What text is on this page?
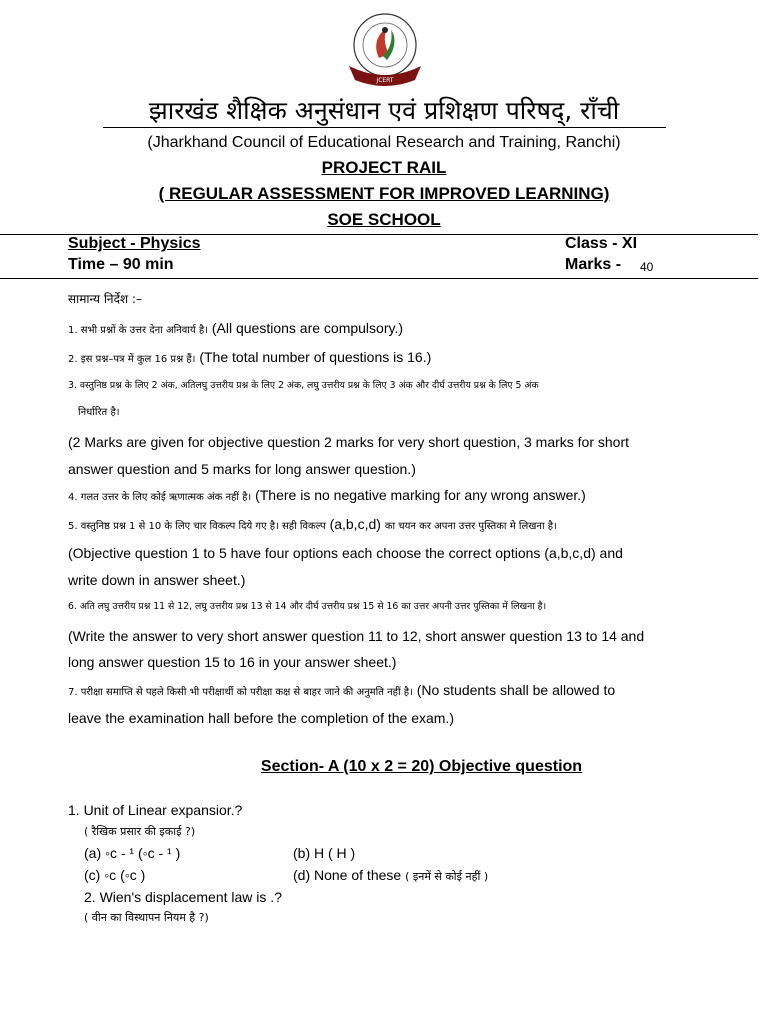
JCERT
झारखंड शैक्षिक अनुसंधान एवं प्रशिक्षण परिषद्, राँची
(Jharkhand Council of Educational Research and Training, Ranchi)
PROJECT RAIL
( REGULAR ASSESSMENT FOR IMPROVED LEARNING)
SOE SCHOOL
Subject - Physics	Class - XI
Time – 90 min	Marks - 40
सामान्य निर्देश :–
1. सभी प्रश्नों के उत्तर देना अनिवार्य है। (All questions are compulsory.)
2. इस प्रश्न–पत्र में कुल 16 प्रश्न हैं। (The total number of questions is 16.)
3. वस्तुनिष्ठ प्रश्न के लिए 2 अंक, अतिलघु उत्तरीय प्रश्न के लिए 2 अंक, लघु उत्तरीय प्रश्न के लिए 3 अंक और दीर्घ उत्तरीय प्रश्न के लिए 5 अंक
निर्धारित है।
(2 Marks are given for objective question 2 marks for very short question, 3 marks for short
answer question and 5 marks for long answer question.)
4. गलत उत्तर के लिए कोई ऋणात्मक अंक नहीं है। (There is no negative marking for any wrong answer.)
5. वस्तुनिष्ठ प्रश्न 1 से 10 के लिए चार विकल्प दिये गए है। सही विकल्प (a,b,c,d) का चयन कर अपना उत्तर पुस्तिका मे लिखना है।
(Objective question 1 to 5 have four options each choose the correct options (a,b,c,d) and
write down in answer sheet.)
6. अति लघु उत्तरीय प्रश्न 11 से 12, लघु उत्तरीय प्रश्न 13 से 14 और दीर्घ उत्तरीय प्रश्न 15 से 16 का उत्तर अपनी उत्तर पुस्तिका में लिखना है।
(Write the answer to very short answer question 11 to 12, short answer question 13 to 14 and
long answer question 15 to 16 in your answer sheet.)
7. परीक्षा समाप्ति से पहले किसी भी परीक्षार्थी को परीक्षा कक्ष से बाहर जाने की अनुमति नहीं है। (No students shall be allowed to
leave the examination hall before the completion of the exam.)
Section- A (10 x 2 = 20) Objective question
1. Unit of Linear expansior.?
( रैखिक प्रसार की इकाई ?)
(a) ◦c - ¹ (◦c - ¹ )	(b) H ( H )
(c) ◦c (◦c )	(d) None of these ( इनमें से कोई नहीं )
2. Wien's displacement law is .?
( वीन का विस्थापन नियम है ?)
